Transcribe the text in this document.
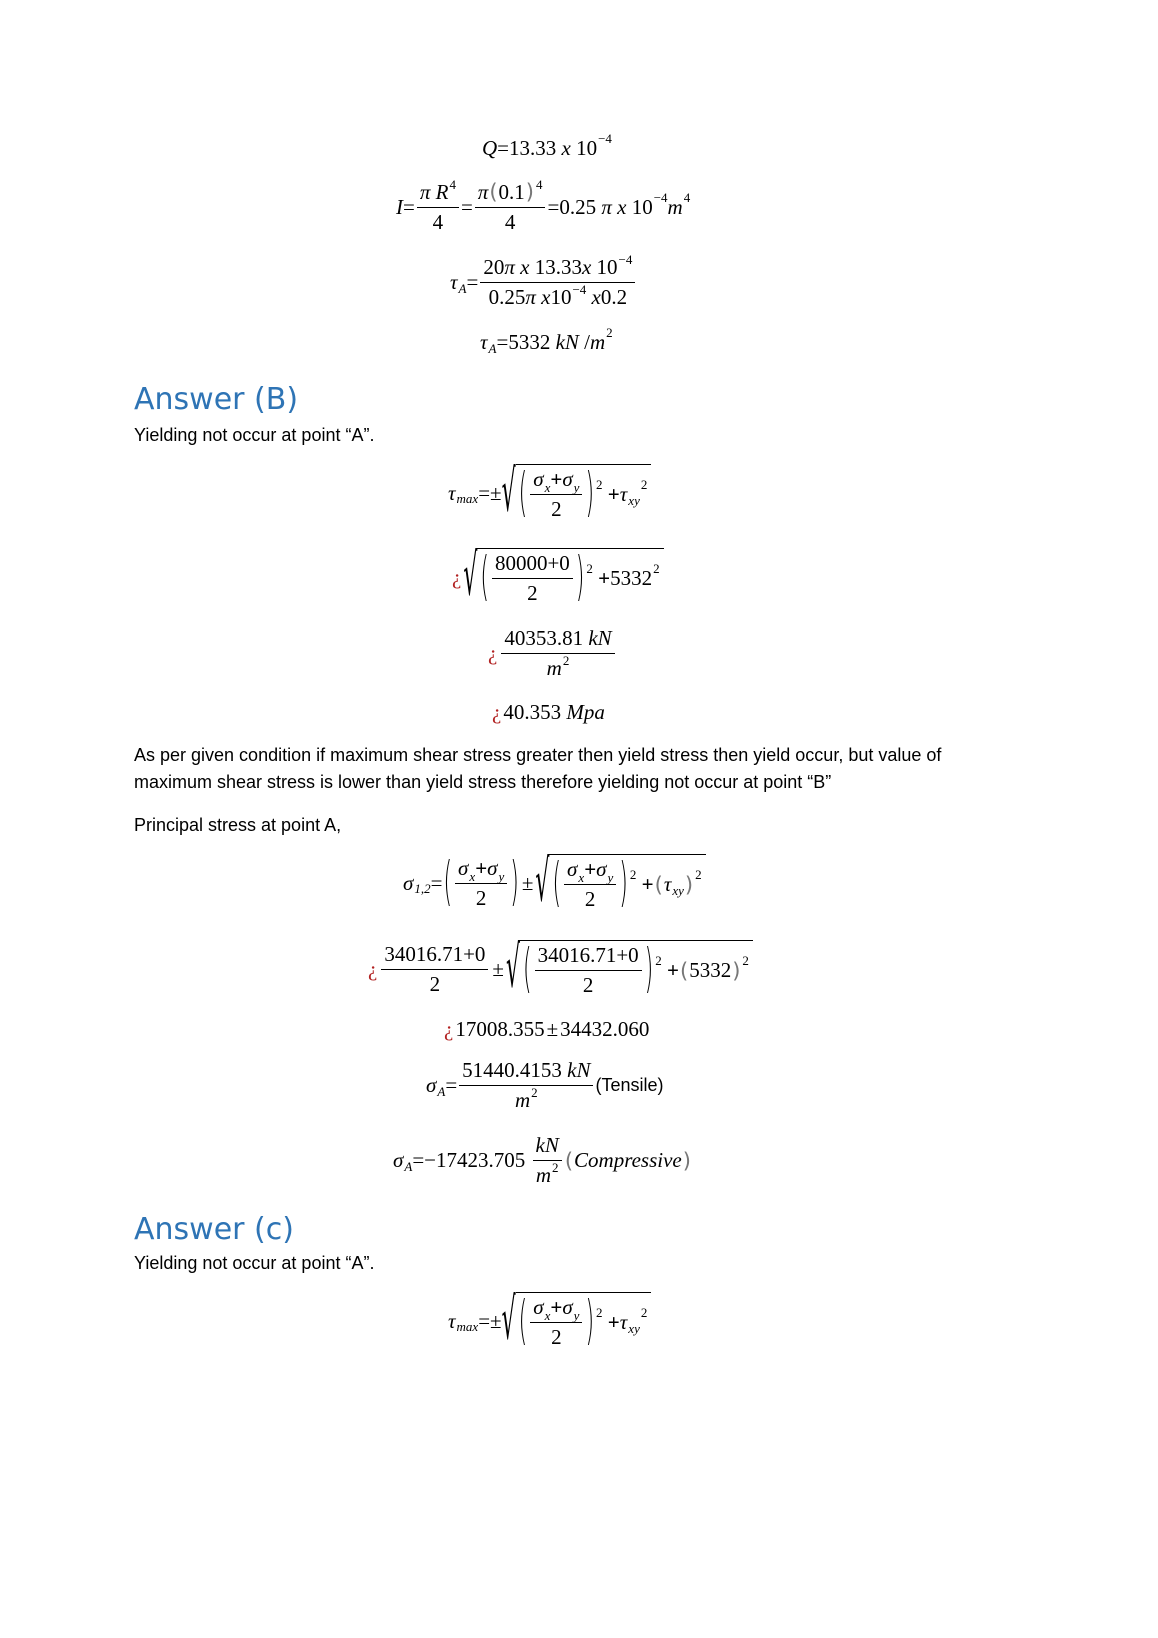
Q = 13.33
x
$10^{-4}$
$I = \frac{\pi R^4}{4} = \frac{\pi(0.1) ^4}{4} = 0.25$
π
x
$10^{-4}$ $m^4$
$\tau_A = \frac{20\pi x 13.33x 10^{-4}}{0.25\pi x10^{-4} x0.2}$
$\tau_A = 5332$
kN / $m^2$
Answer (B)
Yielding not occur at point “A”.
$\tau_{max}$ =± √ ( $\frac{\sigma_x+\sigma_y}{2} )^2$
+ $\tau_{xy}$
$^2$
¿ √ ( $\frac{80000+0}{2} )^2$
+ $5332^2$
¿ $\frac{40353.81 kN}{m^2}$
¿ 40.353
Mpa
As per given condition if maximum shear stress greater then yield stress then yield occur, but value of maximum shear stress is lower than yield stress therefore yielding not occur at point “B”
Principal stress at point A,
$\sigma_{1,2}$ = ( $\frac{\sigma_x+\sigma_y}{2}$ ) ± √ ( $\frac{\sigma_x+\sigma_y}{2} )^2$
+ ( $\tau_{xy}$ )$^2$
¿ $\frac{34016.71+0}{2}$ ± √ ( $\frac{34016.71+0}{2} )^2$
+ ( 5332 )$^2$
¿ 17008.355 ± 34432.060
$\sigma_A = \frac{51440.4153 kN}{m^2}$ (Tensile)
$\sigma_A = -17423.705$
$\frac{kN}{m^2}$ ( Compressive )
Answer (c)
Yielding not occur at point “A”.
$\tau_{max}$ =± √ ( $\frac{\sigma_x+\sigma_y}{2} )^2$
+ $\tau_{xy}$
$^2$
